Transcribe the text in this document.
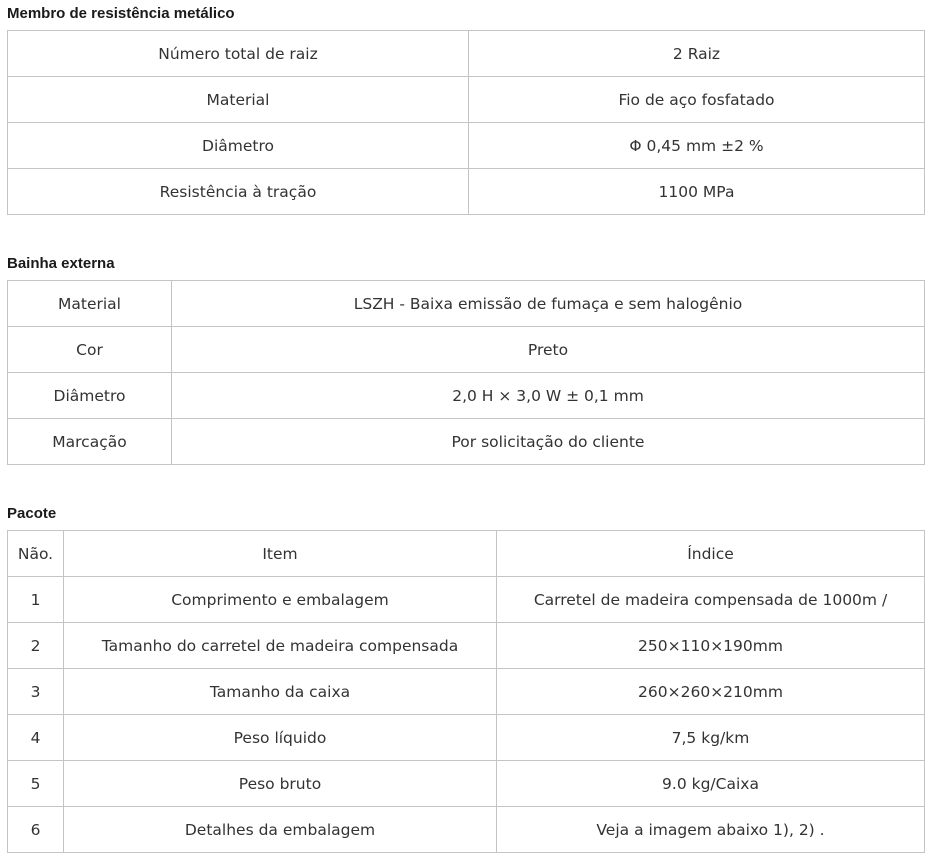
Membro de resistência metálico
Número total de raiz	2 Raiz
Material	Fio de aço fosfatado
Diâmetro	Φ 0,45 mm ±2 %
Resistência à tração	1100 MPa
Bainha externa
Material	LSZH - Baixa emissão de fumaça e sem halogênio
Cor	Preto
Diâmetro	2,0 H × 3,0 W ± 0,1 mm
Marcação	Por solicitação do cliente
Pacote
Não.	Item	Índice
1	Comprimento e embalagem	Carretel de madeira compensada de 1000m /
2	Tamanho do carretel de madeira compensada	250×110×190mm
3	Tamanho da caixa	260×260×210mm
4	Peso líquido	7,5 kg/km
5	Peso bruto	9.0 kg/Caixa
6	Detalhes da embalagem	Veja a imagem abaixo 1), 2) .
